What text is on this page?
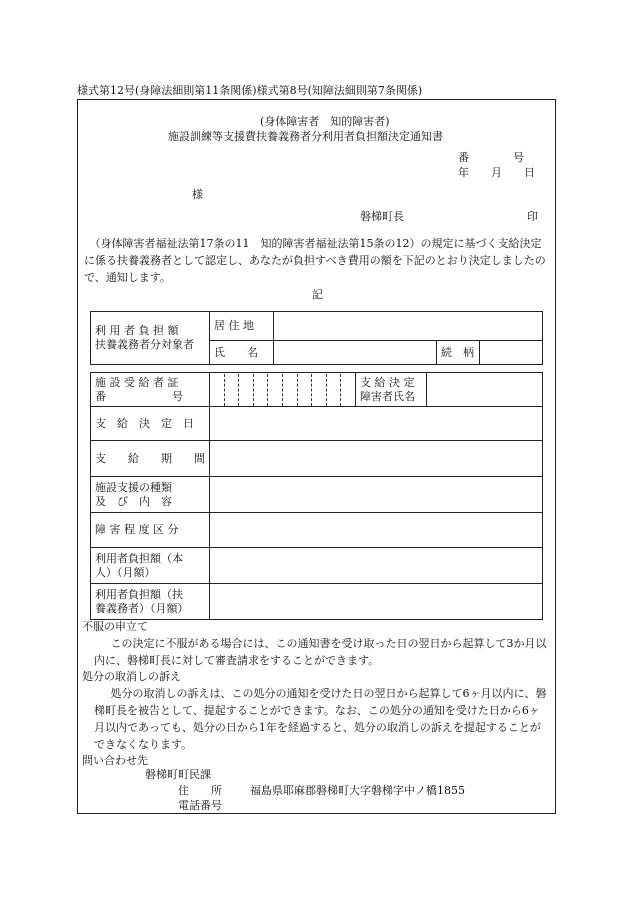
様式第12号(身障法細則第11条関係)様式第8号(知障法細則第7条関係)
(身体障害者　知的障害者)
施設訓練等支援費扶養義務者分利用者負担額決定通知書
番　　　　号
年　　月　　日
様
磐梯町長	印
（身体障害者福祉法第17条の11　知的障害者福祉法第15条の12）の規定に基づく支給決定に係る扶養義務者として認定し、あなたが負担すべき費用の額を下記のとおり決定しましたので、通知します。
記
利 用 者 負 担 額
扶養義務者分対象者	居 住 地			
	氏　　名		続　柄	
施 設 受 給 者 証
番　　　　　　号		支 給 決 定
障害者氏名	
支　給　決　定　日			
支　　給　　期　　間			
施設支援の種類
及　び　内　容			
障 害 程 度 区 分			
利用者負担額（本
人）（月額）			
利用者負担額（扶
養義務者）（月額）			
不服の申立て
この決定に不服がある場合には、この通知書を受け取った日の翌日から起算して3か月以内に、磐梯町長に対して審査請求をすることができます。
処分の取消しの訴え
処分の取消しの訴えは、この処分の通知を受けた日の翌日から起算して6ヶ月以内に、磐梯町長を被告として、提起することができます。なお、この処分の通知を受けた日から6ヶ月以内であっても、処分の日から1年を経過すると、処分の取消しの訴えを提起することができなくなります。
問い合わせ先
磐梯町町民課
住　　所	福島県耶麻郡磐梯町大字磐梯字中ノ橋1855
電話番号
